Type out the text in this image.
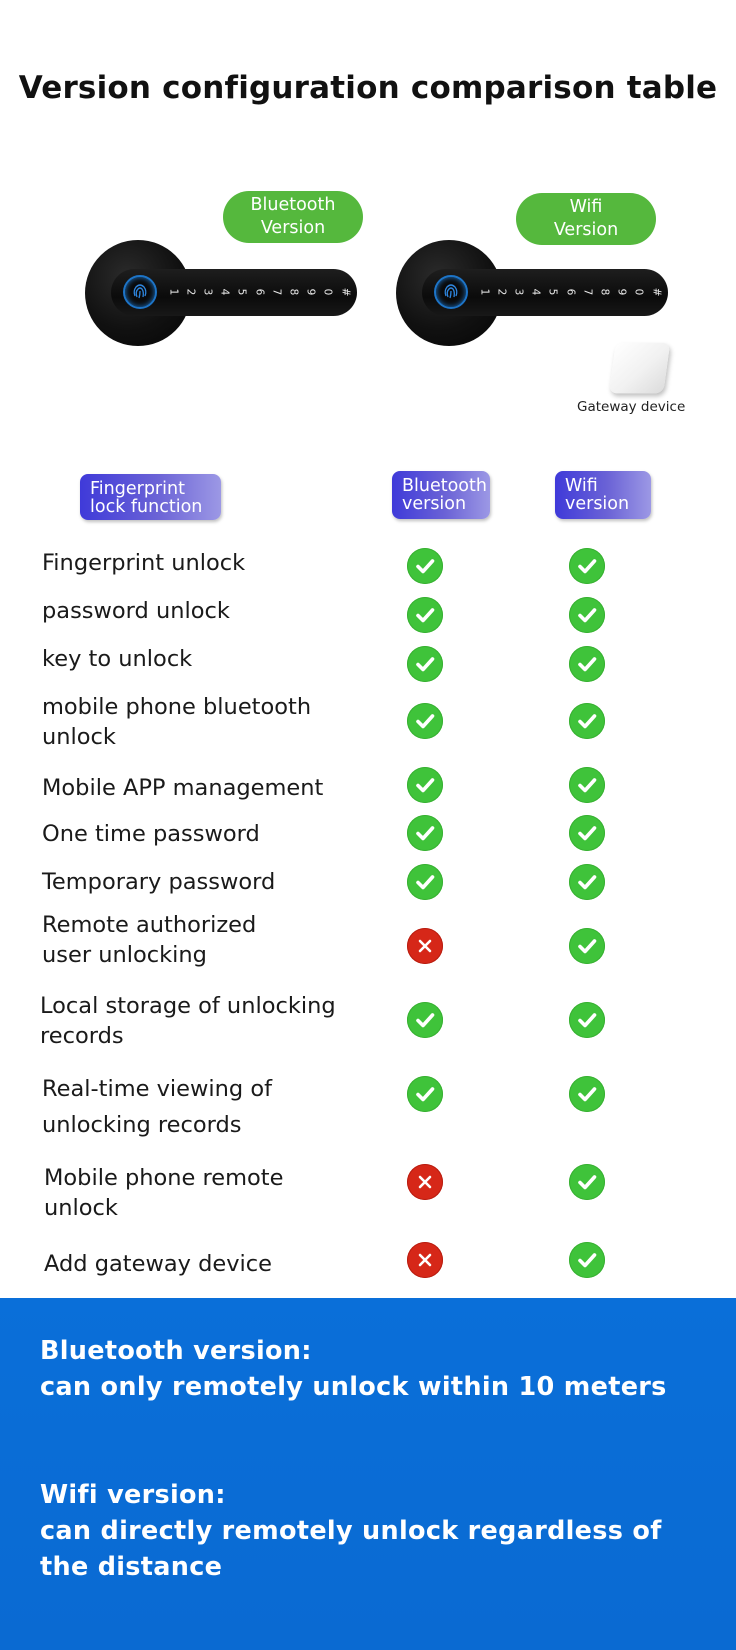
Version configuration comparison table
Bluetooth
Version
1 2 3 4 5 6 7 8 9 0 #
Wifi
Version
1 2 3 4 5 6 7 8 9 0 #
Gateway device
Fingerprint
lock function
Bluetooth
version
Wifi
version
Fingerprint unlock
password unlock
key to unlock
mobile phone bluetooth
unlock
Mobile APP management
One time password
Temporary password
Remote authorized
user unlocking
Local storage of unlocking
records
Real-time viewing of
unlocking records
Mobile phone remote
unlock
Add gateway device
Bluetooth version:
can only remotely unlock within 10 meters
Wifi version:
can directly remotely unlock regardless of
the distance
